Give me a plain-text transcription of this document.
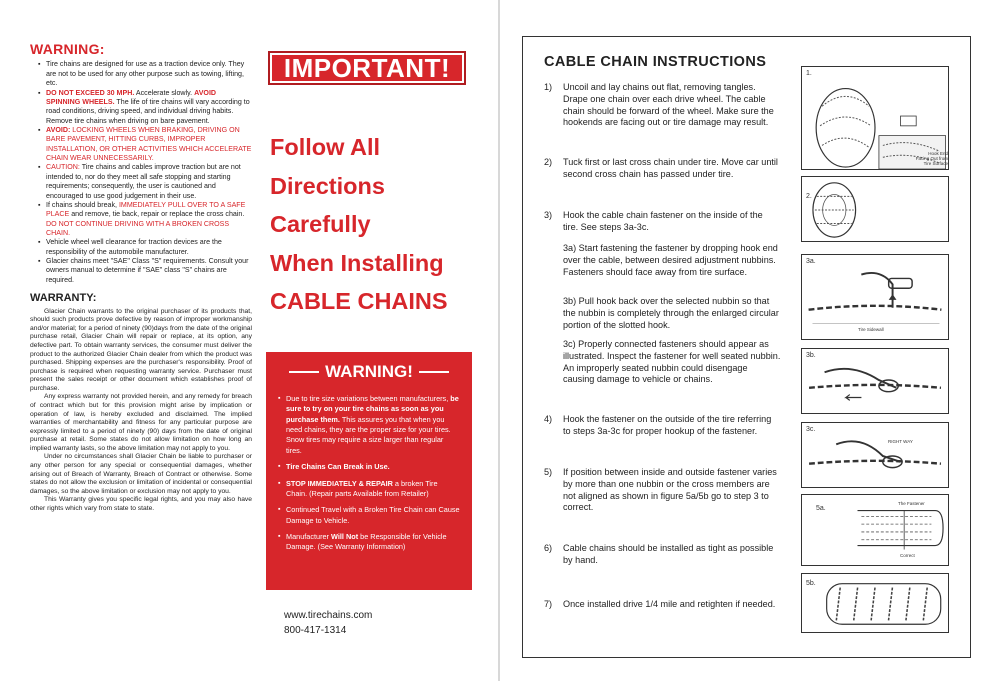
WARNING:
▪ Tire chains are designed for use as a traction device only. They are not to be used for any other purpose such as towing, lifting, etc.
▪ DO NOT EXCEED 30 MPH. Accelerate slowly. AVOID SPINNING WHEELS. The life of tire chains will vary according to road conditions, driving speed, and individual driving habits. Remove tire chains when driving on bare pavement.
▪ AVOID: LOCKING WHEELS WHEN BRAKING, DRIVING ON BARE PAVEMENT, HITTING CURBS, IMPROPER INSTALLATION, OR OTHER ACTIVITIES WHICH ACCELERATE CHAIN WEAR UNNECESSARILY.
▪ CAUTION: Tire chains and cables improve traction but are not intended to, nor do they meet all safe stopping and starting requirements; consequently, the user is cautioned and encouraged to use good judgement in their use.
▪ If chains should break, IMMEDIATELY PULL OVER TO A SAFE PLACE and remove, tie back, repair or replace the cross chain. DO NOT CONTINUE DRIVING WITH A BROKEN CROSS CHAIN.
▪ Vehicle wheel well clearance for traction devices are the responsibility of the automobile manufacturer.
▪ Glacier chains meet "SAE" Class "S" requirements. Consult your owners manual to determine if "SAE" class "S" chains are required.
WARRANTY:

Glacier Chain warrants to the original purchaser of its products that, should such products prove defective by reason of improper workmanship and/or material; for a period of ninety (90)days from the date of the original purchase retail, Glacier Chain will repair or replace, at its option, any defective part. To obtain warranty services, the consumer must deliver the product to the authorized Glacier Chain dealer from which the product was purchased. Shipping expenses are the purchaser's responsibility. Proof of purchase is required when requesting warranty service. Purchaser must present the sales receipt or other document which establishes proof of purchase.

Any express warranty not provided herein, and any remedy for breach of contract which but for this provision might arise by implication or operation of law, is hereby excluded and disclaimed. The implied warranties of merchantability and fitness for any particular purpose are expressly limited to a period of ninety (90) days from the date of original purchase at retail. Some states do not allow limitation on how long an implied warranty lasts, so the above limitation may not apply to you.

Under no circumstances shall Glacier Chain be liable to purchaser or any other person for any special or consequential damages, whether arising out of Breach of Warranty, Breach of Contract or otherwise. Some states do not allow the exclusion or limitation of incidental or consequential damages, so the above limitation or exclusion may not apply to you.

This Warranty gives you specific legal rights, and you may also have other rights which vary from state to state.

IMPORTANT!
Follow All
Directions
Carefully
When Installing
CABLE CHAINS
WARNING!
▪ Due to tire size variations between manufacturers, be sure to try on your tire chains as soon as you purchase them. This assures you that when you need chains, they are the proper size for your tires. Snow tires may require a size larger than regular tires.
▪ Tire Chains Can Break in Use.
▪ STOP IMMEDIATELY & REPAIR a broken Tire Chain. (Repair parts Available from Retailer)
▪ Continued Travel with a Broken Tire Chain can Cause Damage to Vehicle.
▪ Manufacturer Will Not be Responsible for Vehicle Damage. (See Warranty Information)
www.tirechains.com
800-417-1314
CABLE CHAIN INSTRUCTIONS
1) Uncoil and lay chains out flat, removing tangles. Drape one chain over each drive wheel. The cable chain should be forward of the wheel. Make sure the hookends are facing out or tire damage may result.
2) Tuck first or last cross chain under tire. Move car until second cross chain has passed under tire.
3) Hook the cable chain fastener on the inside of the tire. See steps 3a-3c.
3a) Start fastening the fastener by dropping hook end over the cable, between desired adjustment nubbins. Fasteners should face away from tire surface.
3b) Pull hook back over the selected nubbin so that the nubbin is completely through the enlarged circular portion of the slotted hook.
3c) Properly connected fasteners should appear as illustrated. Inspect the fastener for well seated nubbin. An improperly seated nubbin could disengage causing damage to vehicle or chains.
4) Hook the fastener on the outside of the tire referring to steps 3a-3c for proper hookup of the fastener.
5) If position between inside and outside fastener varies by more than one nubbin or the cross members are not aligned as shown in figure 5a/5b go to step 3 to correct.
6) Cable chains should be installed as tight as possible by hand.
7) Once installed drive 1/4 mile and retighten if needed.
1.
Hook End Facing Out from Tire Surface
2.
3a.
Tire Sidewall
3b.
3c.
RIGHT WAY
5a.
The Fastener
Correct
5b.
